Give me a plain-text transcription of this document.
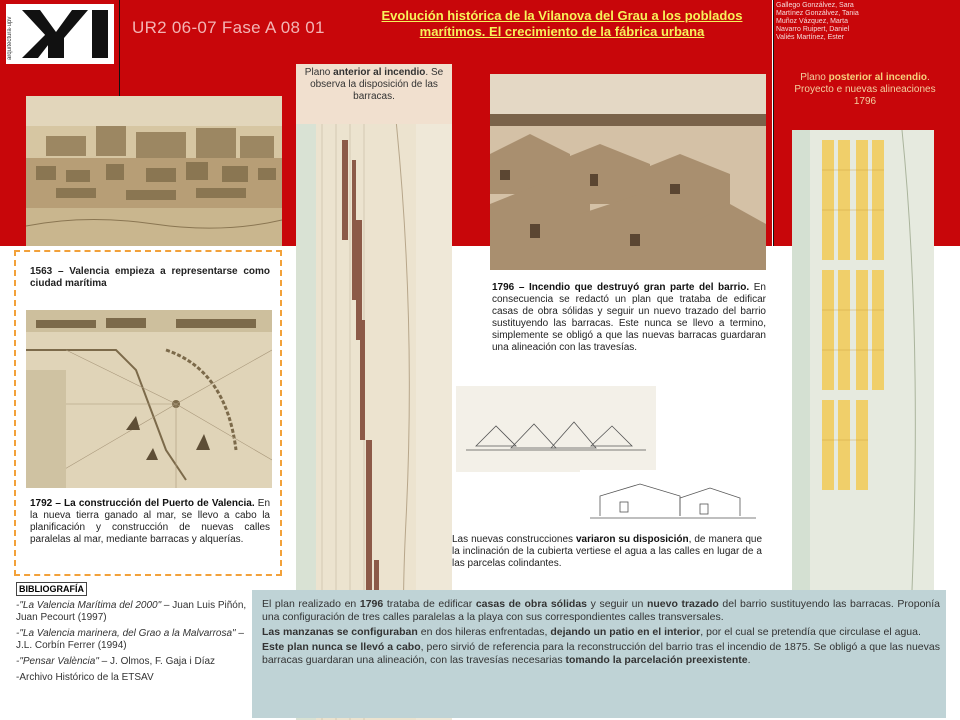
arquitectura·upv	UR2 06-07 Fase A 08 01
Evolución histórica de la Vilanova del Grau a los poblados marítimos. El crecimiento de la fábrica urbana
Gallego Gonzálvez, Sara
Martínez Gonzálvez, Tania
Muñoz Vázquez, Marta
Navarro Ruipert, Daniel
Valiés Martínez, Ester
Plano posterior al incendio. Proyecto e nuevas alineaciones 1796
1563 – Valencia empieza a representarse como ciudad marítima
1792 – La construcción del Puerto de Valencia. En la nueva tierra ganado al mar, se llevo a cabo la planificación y construcción de nuevas calles paralelas al mar, mediante barracas y alquerías.
Plano anterior al incendio. Se observa la disposición de las barracas.
1796 – Incendio que destruyó gran parte del barrio. En consecuencia se redactó un plan que trataba de edificar casas de obra sólidas y seguir un nuevo trazado del barrio sustituyendo las barracas. Este nunca se llevo a termino, simplemente se obligó a que las nuevas barracas guardaran una alineación con las travesías.
Las nuevas construcciones variaron su disposición, de manera que la inclinación de la cubierta vertiese el agua a las calles en lugar de a las parcelas colindantes.
BIBLIOGRAFÍA

-"La Valencia Marítima del 2000" – Juan Luis Piñón, Juan Pecourt (1997)

-"La Valencia marinera, del Grao a la Malvarrosa" – J.L. Corbín Ferrer (1994)

-"Pensar València" – J. Olmos, F. Gaja i Díaz

-Archivo Histórico de la ETSAV

El plan realizado en 1796 trataba de edificar casas de obra sólidas y seguir un nuevo trazado del barrio sustituyendo las barracas. Proponía una configuración de tres calles paralelas a la playa con sus correspondientes calles transversales.

Las manzanas se configuraban en dos hileras enfrentadas, dejando un patio en el interior, por el cual se pretendía que circulase el agua.

Este plan nunca se llevó a cabo, pero sirvió de referencia para la reconstrucción del barrio tras el incendio de 1875. Se obligó a que las nuevas barracas guardaran una alineación, con las travesías necesarias tomando la parcelación preexistente.
